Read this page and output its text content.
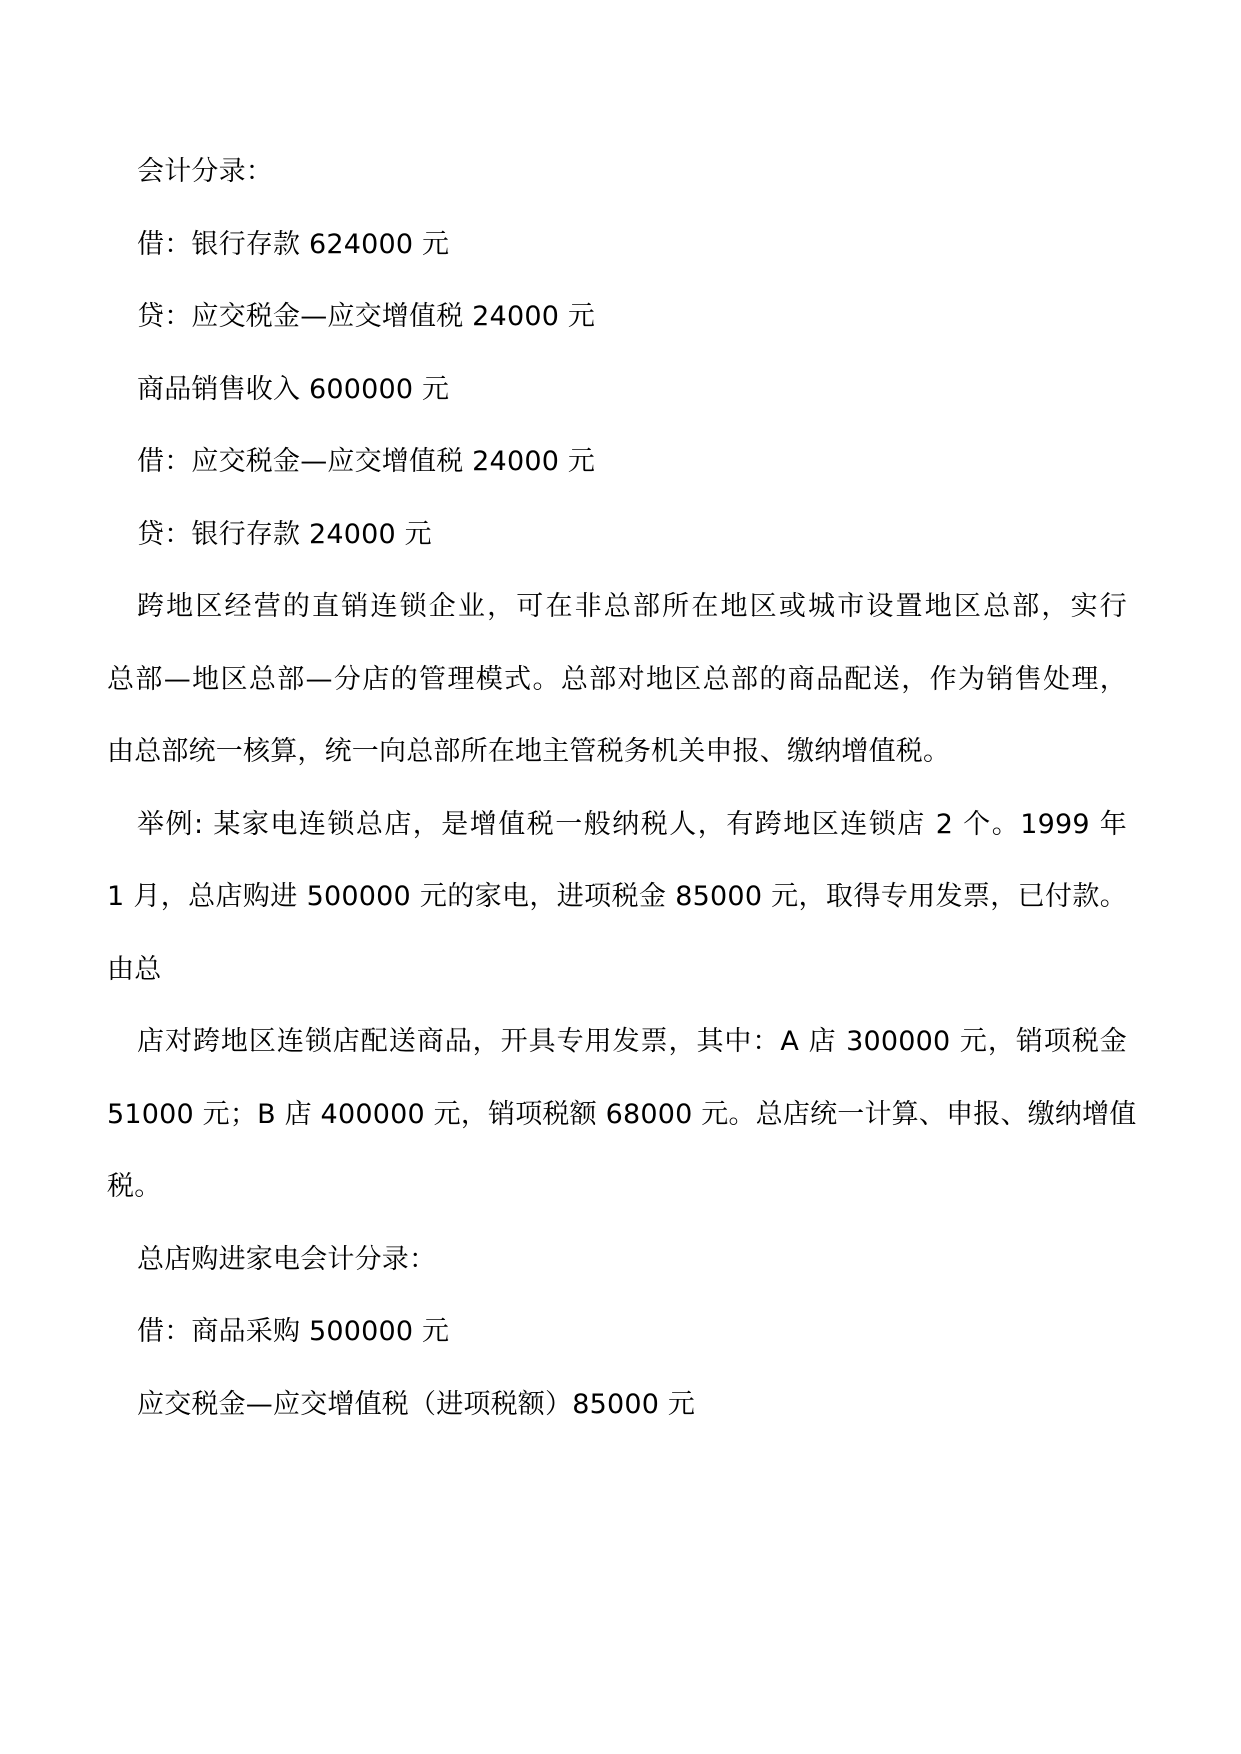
会计分录：
借：银行存款 624000 元
贷：应交税金—应交增值税 24000 元
商品销售收入 600000 元
借：应交税金—应交增值税 24000 元
贷：银行存款 24000 元
跨地区经营的直销连锁企业，可在非总部所在地区或城市设置地区总部，实行
总部—地区总部—分店的管理模式。总部对地区总部的商品配送，作为销售处理，
由总部统一核算，统一向总部所在地主管税务机关申报、缴纳增值税。
举例: 某家电连锁总店，是增值税一般纳税人，有跨地区连锁店 2 个。1999 年
1 月，总店购进 500000 元的家电，进项税金 85000 元，取得专用发票，已付款。
由总
店对跨地区连锁店配送商品，开具专用发票，其中：A 店 300000 元，销项税金
51000 元；B 店 400000 元，销项税额 68000 元。总店统一计算、申报、缴纳增值
税。
总店购进家电会计分录：
借：商品采购 500000 元
应交税金—应交增值税（进项税额）85000 元
